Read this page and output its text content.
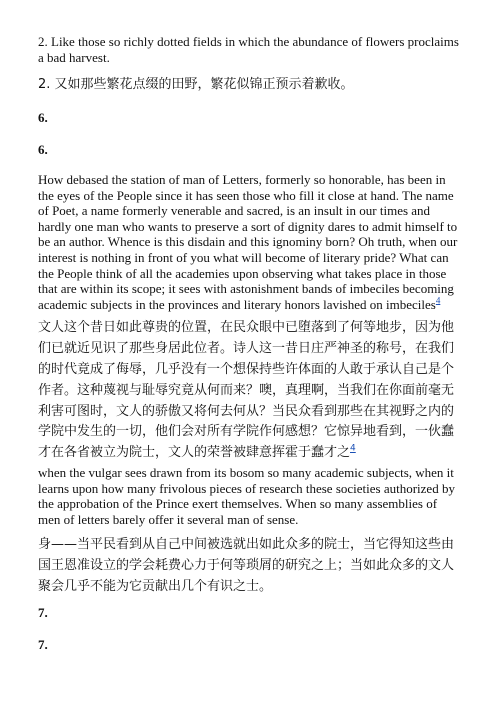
2. Like those so richly dotted fields in which the abundance of flowers proclaims a bad harvest.

2. 又如那些繁花点缀的田野，繁花似锦正预示着歉收。

6.

6.

How debased the station of man of Letters, formerly so honorable, has been in the eyes of the People since it has seen those who fill it close at hand. The name of Poet, a name formerly venerable and sacred, is an insult in our times and hardly one man who wants to preserve a sort of dignity dares to admit himself to be an author. Whence is this disdain and this ignominy born? Oh truth, when our interest is nothing in front of you what will become of literary pride? What can the People think of all the academies upon observing what takes place in those that are within its scope; it sees with astonishment bands of imbeciles becoming academic subjects in the provinces and literary honors lavished on imbeciles$^4$

文人这个昔日如此尊贵的位置，在民众眼中已堕落到了何等地步，因为他们已就近见识了那些身居此位者。诗人这一昔日庄严神圣的称号，在我们的时代竟成了侮辱，几乎没有一个想保持些许体面的人敢于承认自己是个作者。这种蔑视与耻辱究竟从何而来？噢，真理啊，当我们在你面前毫无利害可图时，文人的骄傲又将何去何从？当民众看到那些在其视野之内的学院中发生的一切，他们会对所有学院作何感想？它惊异地看到，一伙蠢才在各省被立为院士，文人的荣誉被肆意挥霍于蠢才之$^4$

when the vulgar sees drawn from its bosom so many academic subjects, when it learns upon how many frivolous pieces of research these societies authorized by the approbation of the Prince exert themselves. When so many assemblies of men of letters barely offer it several man of sense.

身——当平民看到从自己中间被选就出如此众多的院士，当它得知这些由国王恩准设立的学会耗费心力于何等琐屑的研究之上；当如此众多的文人聚会几乎不能为它贡献出几个有识之士。

7.

7.
